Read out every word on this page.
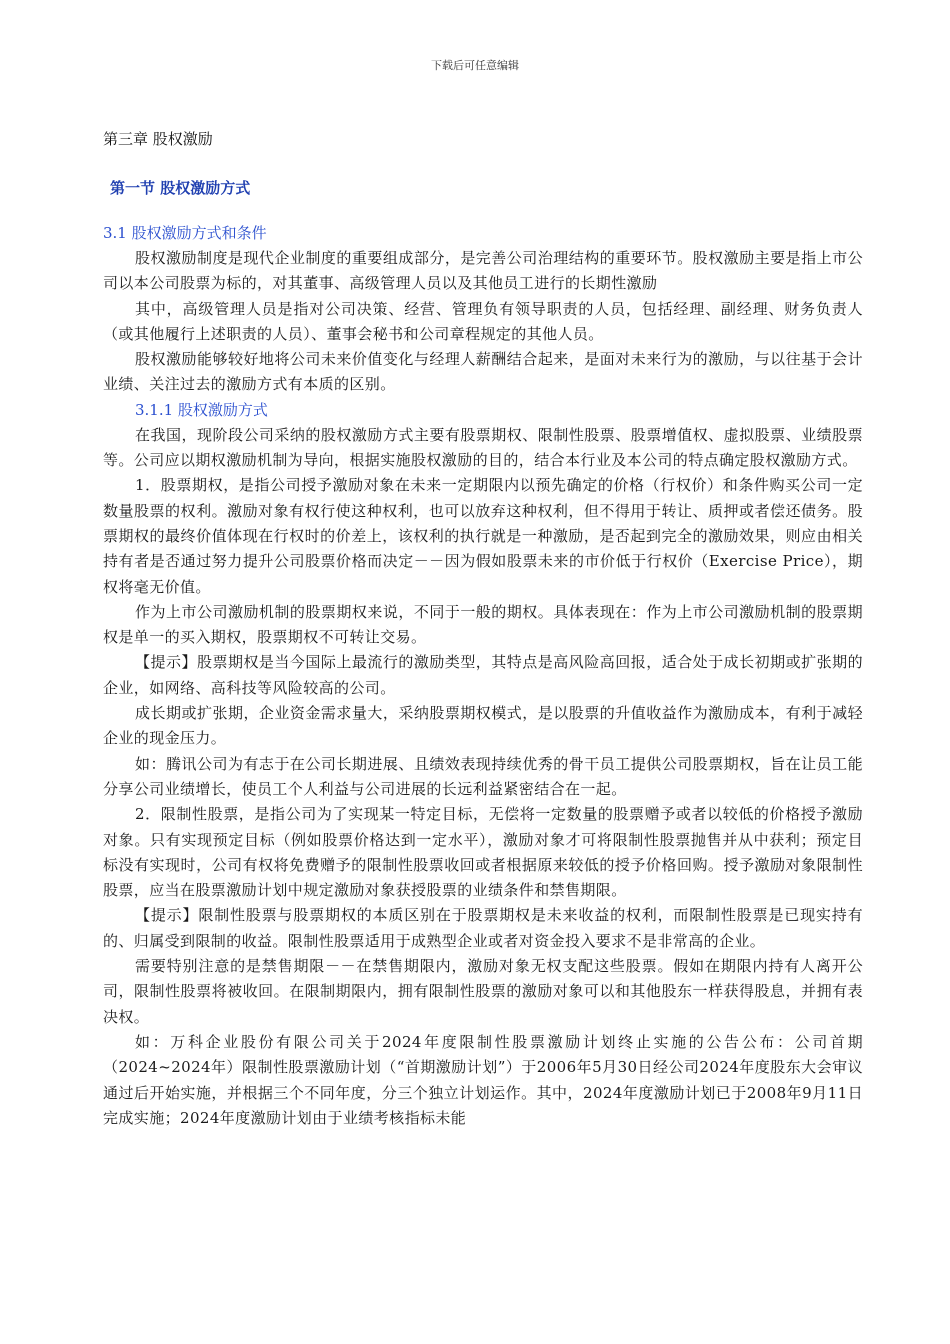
下载后可任意编辑
第三章 股权激励
第一节 股权激励方式

3.1 股权激励方式和条件

股权激励制度是现代企业制度的重要组成部分，是完善公司治理结构的重要环节。股权激励主要是指上市公司以本公司股票为标的，对其董事、高级管理人员以及其他员工进行的长期性激励

其中，高级管理人员是指对公司决策、经营、管理负有领导职责的人员，包括经理、副经理、财务负责人（或其他履行上述职责的人员）、董事会秘书和公司章程规定的其他人员。

股权激励能够较好地将公司未来价值变化与经理人薪酬结合起来，是面对未来行为的激励，与以往基于会计业绩、关注过去的激励方式有本质的区别。

3.1.1 股权激励方式

在我国，现阶段公司采纳的股权激励方式主要有股票期权、限制性股票、股票增值权、虚拟股票、业绩股票等。公司应以期权激励机制为导向，根据实施股权激励的目的，结合本行业及本公司的特点确定股权激励方式。

1．股票期权，是指公司授予激励对象在未来一定期限内以预先确定的价格（行权价）和条件购买公司一定数量股票的权利。激励对象有权行使这种权利，也可以放弃这种权利，但不得用于转让、质押或者偿还债务。股票期权的最终价值体现在行权时的价差上，该权利的执行就是一种激励，是否起到完全的激励效果，则应由相关持有者是否通过努力提升公司股票价格而决定－－因为假如股票未来的市价低于行权价（Exercise Price），期权将毫无价值。

作为上市公司激励机制的股票期权来说，不同于一般的期权。具体表现在：作为上市公司激励机制的股票期权是单一的买入期权，股票期权不可转让交易。

【提示】股票期权是当今国际上最流行的激励类型，其特点是高风险高回报，适合处于成长初期或扩张期的企业，如网络、高科技等风险较高的公司。

成长期或扩张期，企业资金需求量大，采纳股票期权模式，是以股票的升值收益作为激励成本，有利于减轻企业的现金压力。

如：腾讯公司为有志于在公司长期进展、且绩效表现持续优秀的骨干员工提供公司股票期权，旨在让员工能分享公司业绩增长，使员工个人利益与公司进展的长远利益紧密结合在一起。

2．限制性股票，是指公司为了实现某一特定目标，无偿将一定数量的股票赠予或者以较低的价格授予激励对象。只有实现预定目标（例如股票价格达到一定水平），激励对象才可将限制性股票抛售并从中获利；预定目标没有实现时，公司有权将免费赠予的限制性股票收回或者根据原来较低的授予价格回购。授予激励对象限制性股票，应当在股票激励计划中规定激励对象获授股票的业绩条件和禁售期限。

【提示】限制性股票与股票期权的本质区别在于股票期权是未来收益的权利，而限制性股票是已现实持有的、归属受到限制的收益。限制性股票适用于成熟型企业或者对资金投入要求不是非常高的企业。

需要特别注意的是禁售期限－－在禁售期限内，激励对象无权支配这些股票。假如在期限内持有人离开公司，限制性股票将被收回。在限制期限内，拥有限制性股票的激励对象可以和其他股东一样获得股息，并拥有表决权。

如：万科企业股份有限公司关于2024年度限制性股票激励计划终止实施的公告公布：公司首期（2024~2024年）限制性股票激励计划（“首期激励计划”）于2006年5月30日经公司2024年度股东大会审议通过后开始实施，并根据三个不同年度，分三个独立计划运作。其中，2024年度激励计划已于2008年9月11日完成实施；2024年度激励计划由于业绩考核指标未能
